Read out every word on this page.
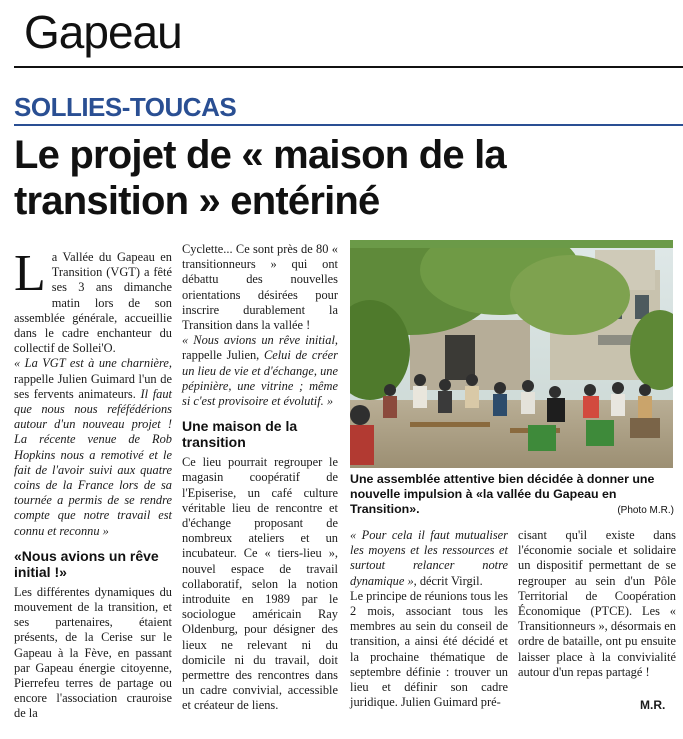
Gapeau
SOLLIES-TOUCAS
Le projet de « maison de la transition » entériné

La Vallée du Gapeau en Transition (VGT) a fêté ses 3 ans dimanche matin lors de son assemblée générale, accueillie dans le cadre enchanteur du collectif de Sollei'O.

« La VGT est à une charnière, rappelle Julien Guimard l'un de ses fervents animateurs. Il faut que nous nous reféfédérions autour d'un nouveau projet ! La récente venue de Rob Hopkins nous a remotivé et le fait de l'avoir suivi aux quatre coins de la France lors de sa tournée a permis de se rendre compte que notre travail est connu et reconnu »

«Nous avions un rêve initial !»

Les différentes dynamiques du mouvement de la transition, et ses partenaires, étaient présents, de la Cerise sur le Gapeau à la Fève, en passant par Gapeau énergie citoyenne, Pierrefeu terres de partage ou encore l'association crauroise de la

Cyclette... Ce sont près de 80 « transitionneurs » qui ont débattu des nouvelles orientations désirées pour inscrire durablement la Transition dans la vallée !

« Nous avions un rêve initial, rappelle Julien, Celui de créer un lieu de vie et d'échange, une pépinière, une vitrine ; même si c'est provisoire et évolutif. »

Une maison de la transition

Ce lieu pourrait regrouper le magasin coopératif de l'Episerise, un café culture véritable lieu de rencontre et d'échange proposant de nombreux ateliers et un incubateur. Ce « tiers-lieu », nouvel espace de travail collaboratif, selon la notion introduite en 1989 par le sociologue américain Ray Oldenburg, pour désigner des lieux ne relevant ni du domicile ni du travail, doit permettre des rencontres dans un cadre convivial, accessible et créateur de liens.

Une assemblée attentive bien décidée à donner une nouvelle impulsion à «la vallée du Gapeau en Transition».	(Photo M.R.)

« Pour cela il faut mutualiser les moyens et les ressources et surtout relancer notre dynamique », décrit Virgil.

Le principe de réunions tous les 2 mois, associant tous les membres au sein du conseil de transition, a ainsi été décidé et la prochaine thématique de septembre définie : trouver un lieu et définir son cadre juridique. Julien Guimard pré-

cisant qu'il existe dans l'économie sociale et solidaire un dispositif permettant de se regrouper au sein d'un Pôle Territorial de Coopération Économique (PTCE). Les « Transitionneurs », désormais en ordre de bataille, ont pu ensuite laisser place à la convivialité autour d'un repas partagé !

M.R.
